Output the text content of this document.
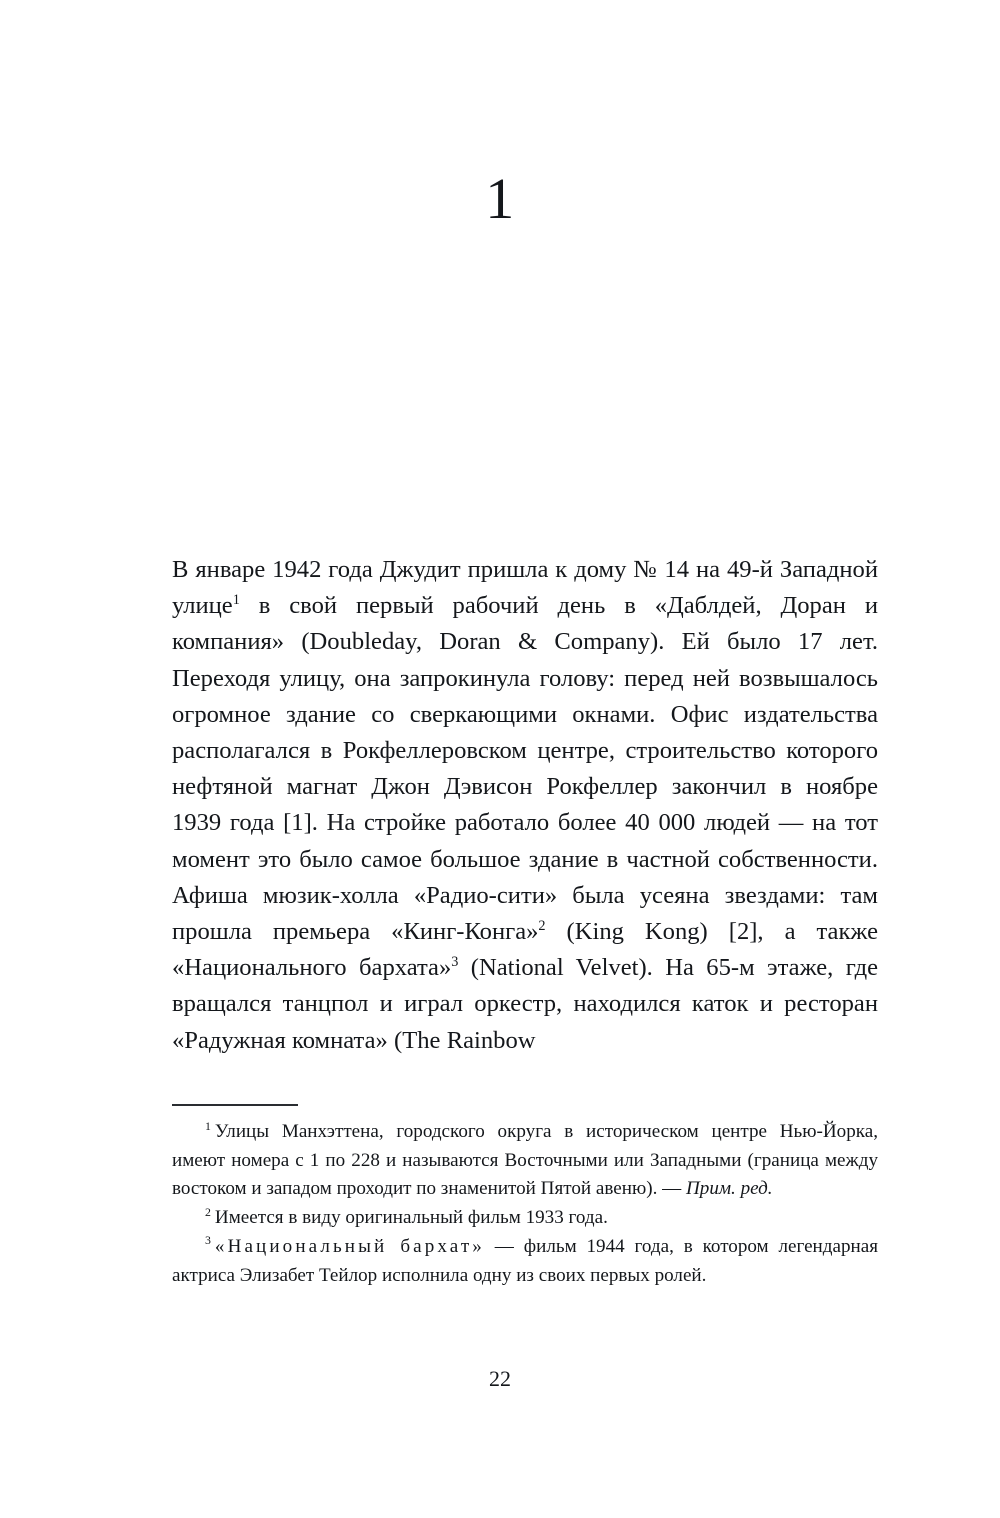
1

В январе 1942 года Джудит пришла к дому № 14 на 49-й Западной улице$^1$ в свой первый рабочий день в «Даблдей, Доран и компания» (Doubleday, Doran & Company). Ей было 17 лет. Переходя улицу, она запрокинула голову: перед ней возвышалось огромное здание со сверкающими окнами. Офис издательства располагался в Рокфеллеровском центре, строительство которого нефтяной магнат Джон Дэвисон Рокфеллер закончил в ноябре 1939 года [1]. На стройке работало более 40 000 людей — на тот момент это было самое большое здание в частной собственности. Афиша мюзик-холла «Радио-сити» была усеяна звездами: там прошла премьера «Кинг-Конга»$^2$ (King Kong) [2], а также «Национального бархата»$^3$ (National Velvet). На 65-м этаже, где вращался танцпол и играл оркестр, находился каток и ресторан «Радужная комната» (The Rainbow

$^1$ Улицы Манхэттена, городского округа в историческом центре Нью-Йорка, имеют номера с 1 по 228 и называются Восточными или Западными (граница между востоком и западом проходит по знаменитой Пятой авеню). — Прим. ред.

$^2$ Имеется в виду оригинальный фильм 1933 года.

$^3$ «Национальный бархат» — фильм 1944 года, в котором легендарная актриса Элизабет Тейлор исполнила одну из своих первых ролей.

22
